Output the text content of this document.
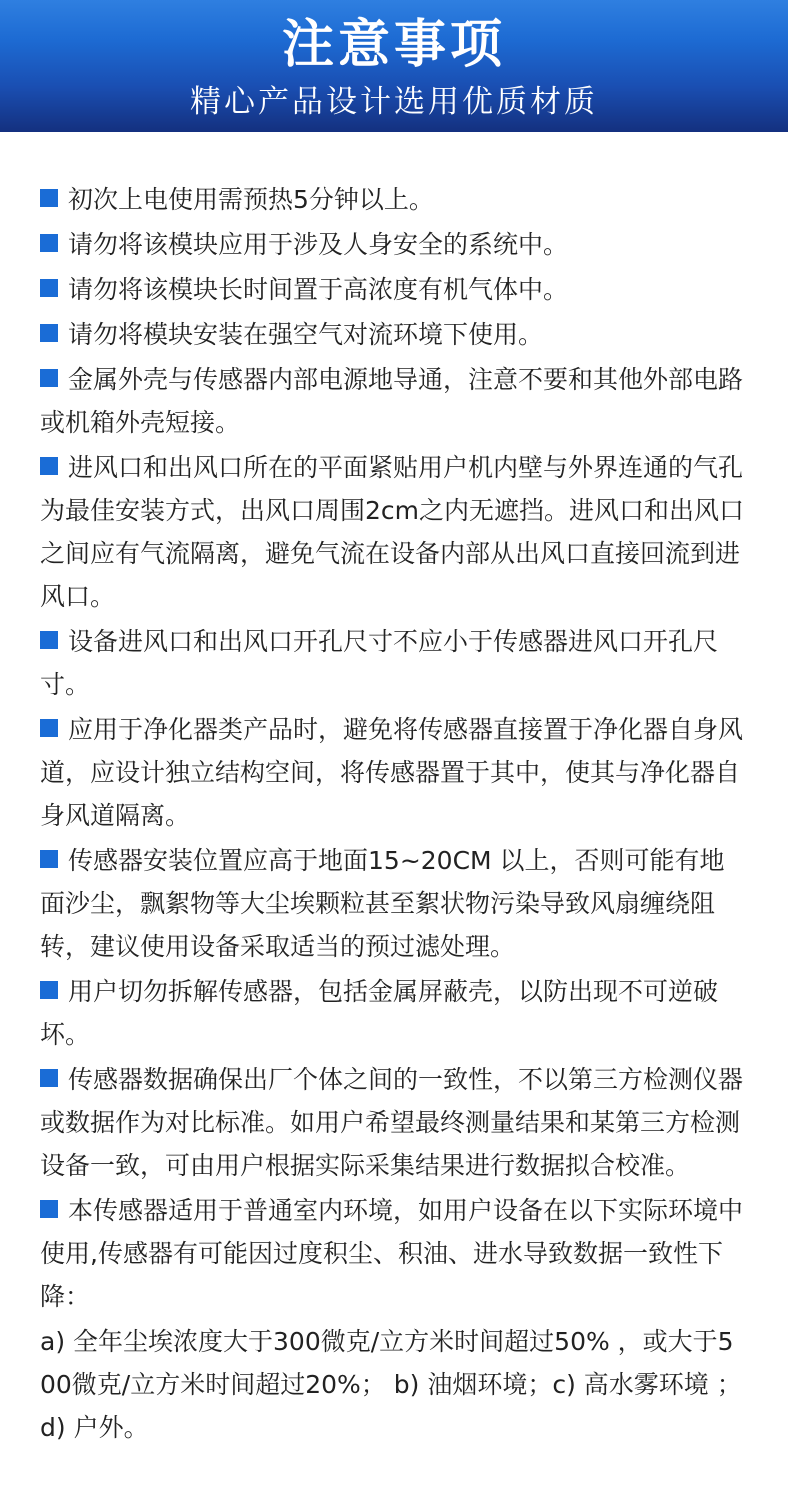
注意事项
精心产品设计选用优质材质
初次上电使用需预热5分钟以上。
请勿将该模块应用于涉及人身安全的系统中。
请勿将该模块长时间置于高浓度有机气体中。
请勿将模块安装在强空气对流环境下使用。
金属外壳与传感器内部电源地导通，注意不要和其他外部电路或机箱外壳短接。
进风口和出风口所在的平面紧贴用户机内壁与外界连通的气孔为最佳安装方式，出风口周围2cm之内无遮挡。进风口和出风口之间应有气流隔离，避免气流在设备内部从出风口直接回流到进风口。
设备进风口和出风口开孔尺寸不应小于传感器进风口开孔尺寸。
应用于净化器类产品时，避免将传感器直接置于净化器自身风道，应设计独立结构空间，将传感器置于其中，使其与净化器自身风道隔离。
传感器安装位置应高于地面15~20CM 以上，否则可能有地面沙尘，飘絮物等大尘埃颗粒甚至絮状物污染导致风扇缠绕阻转，建议使用设备采取适当的预过滤处理。
用户切勿拆解传感器，包括金属屏蔽壳，以防出现不可逆破坏。
传感器数据确保出厂个体之间的一致性，不以第三方检测仪器或数据作为对比标准。如用户希望最终测量结果和某第三方检测设备一致，可由用户根据实际采集结果进行数据拟合校准。
本传感器适用于普通室内环境，如用户设备在以下实际环境中使用,传感器有可能因过度积尘、积油、进水导致数据一致性下降：
a) 全年尘埃浓度大于300微克/立方米时间超过50% ，或大于500微克/立方米时间超过20%； b) 油烟环境；c) 高水雾环境 ； d) 户外。
